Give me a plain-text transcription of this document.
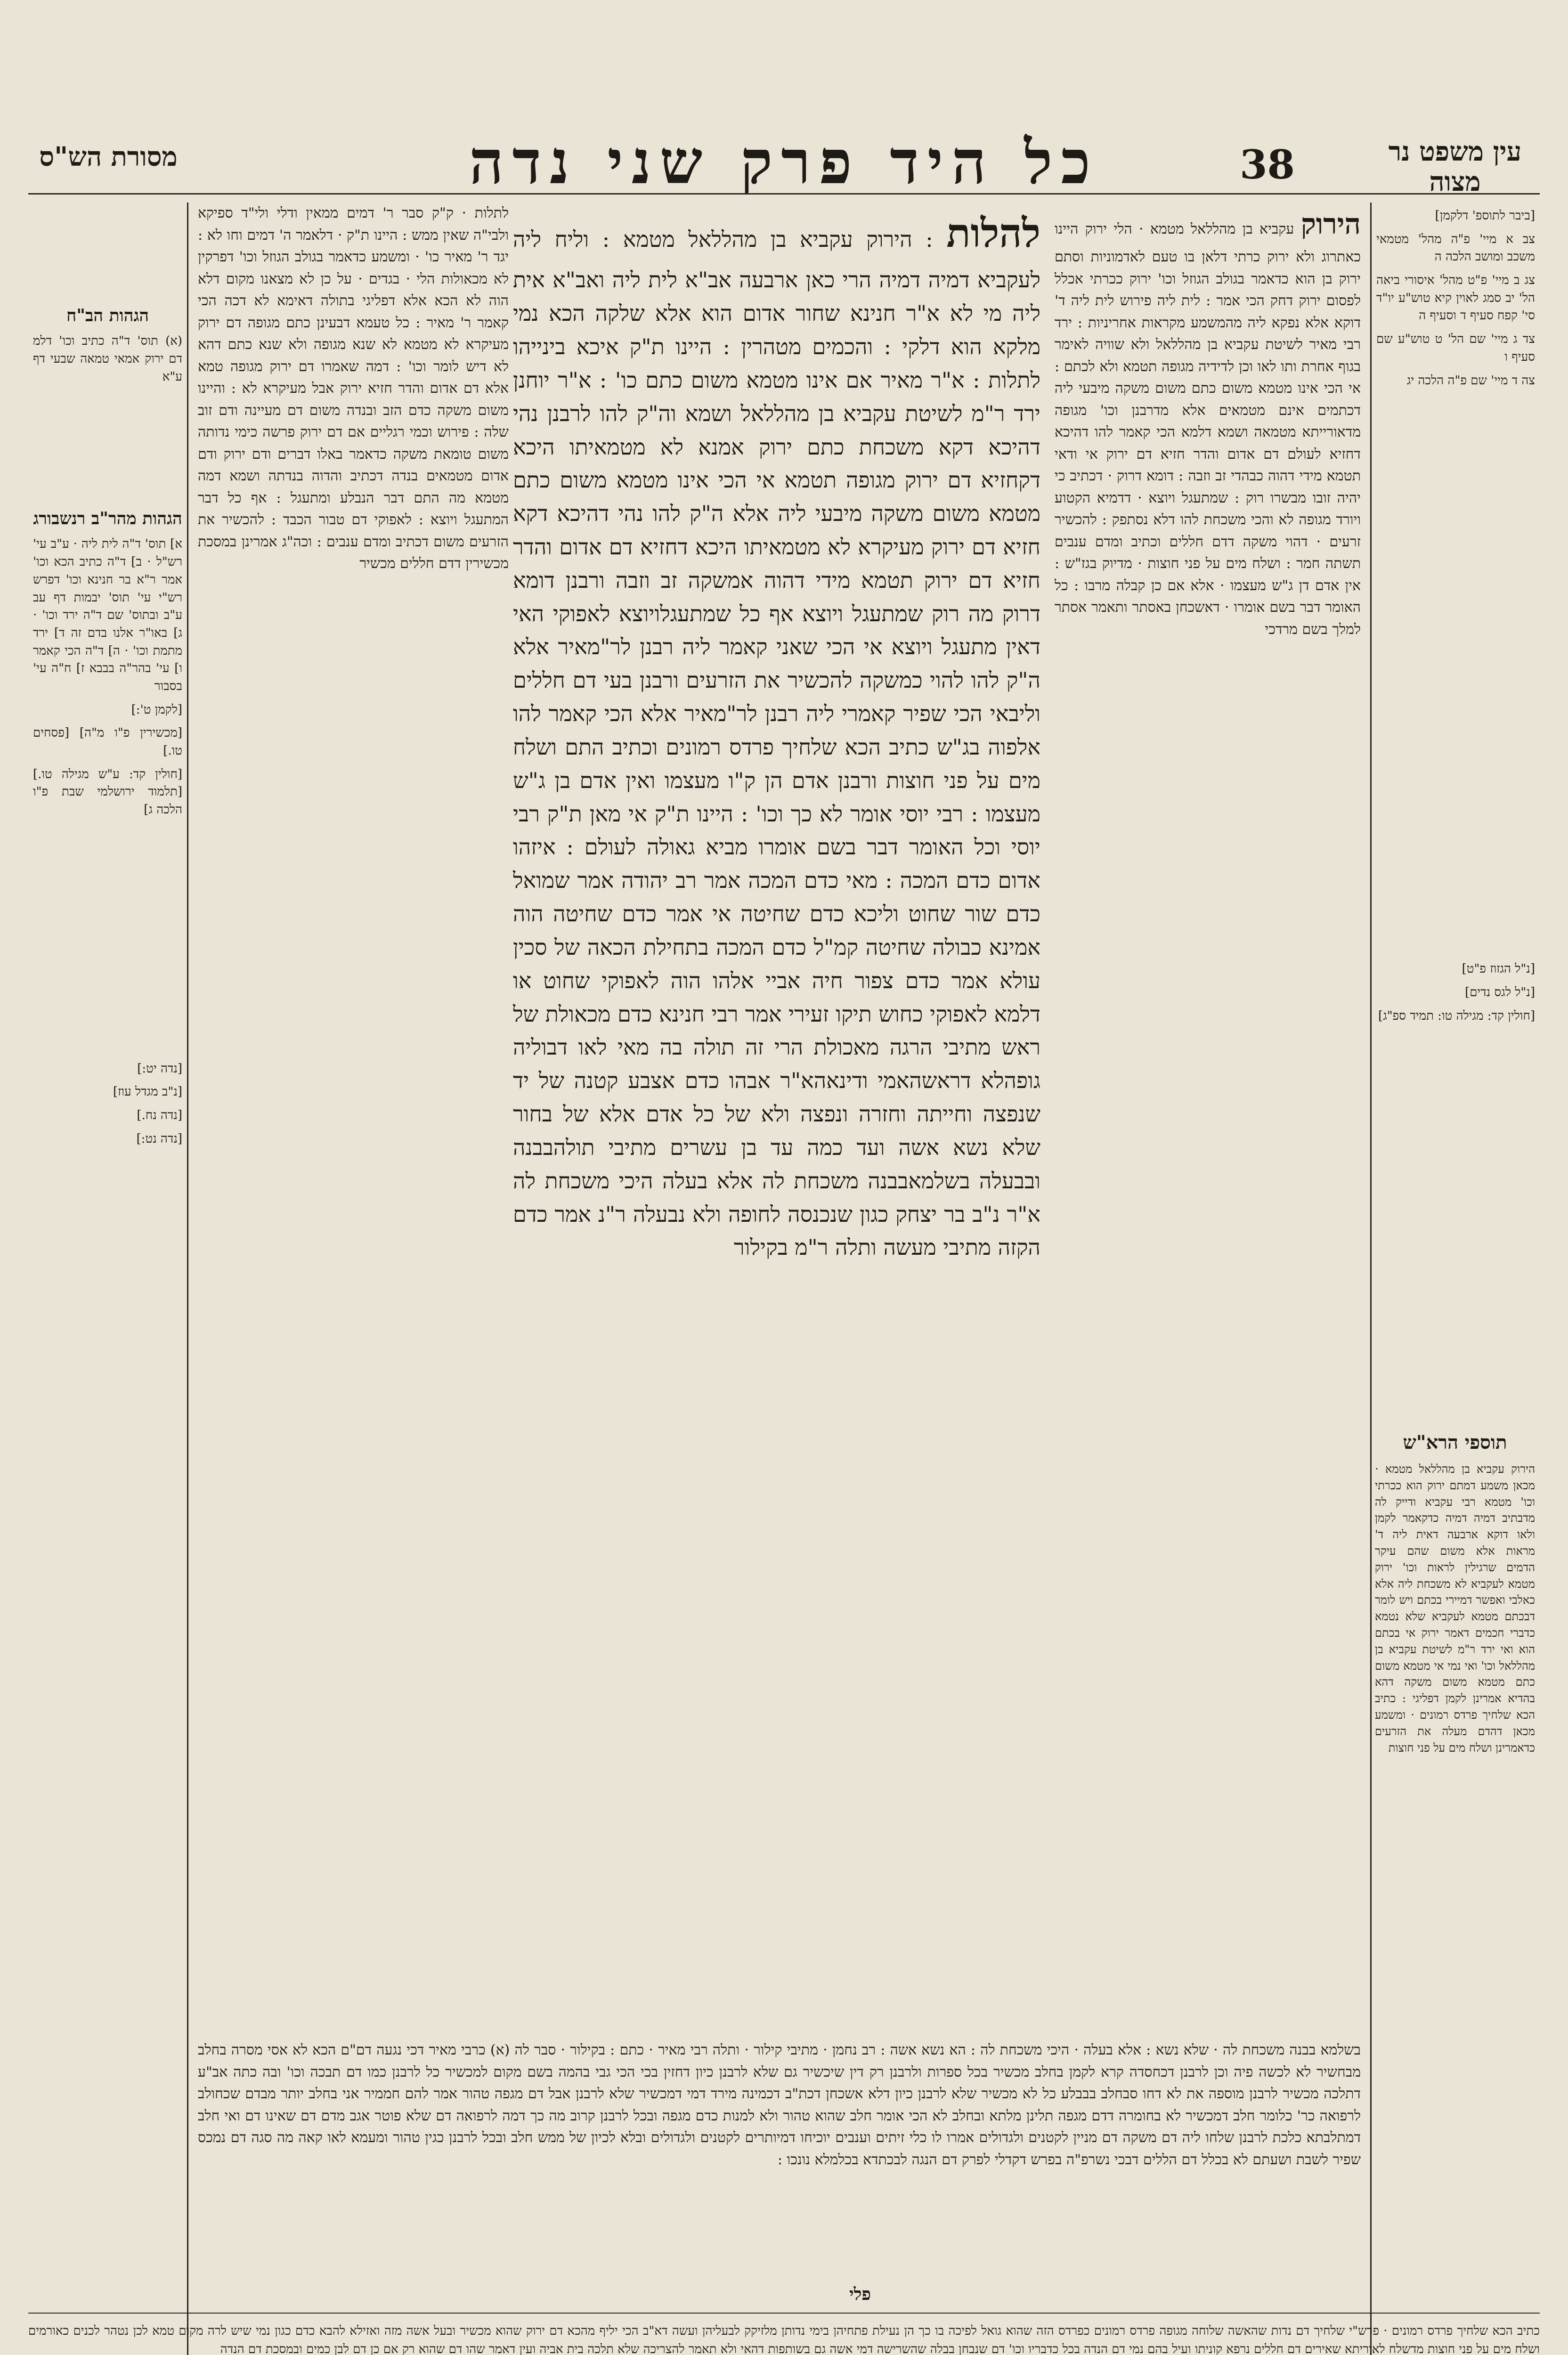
עין משפט נר מצוה
38
כל היד פרק שני נדה
מסורת הש"ס
[ביבר לתוספ' דלקמן]
צב א מיי' פ"ה מהל' מטמאי משכב ומושב הלכה ה
צג ב מיי' פ"ט מהל' איסורי ביאה הל' יב סמג לאוין קיא טוש"ע יו"ד סי' קפח סעיף ד וסעיף ה
צד ג מיי' שם הל' ט טוש"ע שם סעיף ו
צה ד מיי' שם פ"ה הלכה יג
[נ"ל הגזוז פ"ט]
[נ"ל לגס נדים]
[חולין קד: מגילה טו: תמיד ספ"ג]
תוספי הרא"ש
הירוק עקביא בן מהללאל מטמא · מכאן משמע דמתם ירוק הוא ככרתי וכו' מטמא רבי עקביא ודייק לה מדבתיב דמיה דמיה כדקאמר לקמן ולאו דוקא ארבעה דאית ליה ד' מראות אלא משום שהם עיקר הדמים שרגילין לראות וכו' ירוק מטמא לעקביא לא משכחת ליה אלא כאלבי ואפשר דמיירי בכתם ויש לומר דבכתם מטמא לעקביא שלא נטמא כדברי חכמים דאמר ירוק אי בכתם הוא ואי ירד ר"מ לשיטת עקביא בן מהללאל וכו' ואי נמי אי מטמא משום כתם מטמא משום משקה דהא בהדיא אמרינן לקמן דפליגי : כתיב הכא שלחיך פרדס רמונים · ומשמע מכאן דהדם מעלה את הזרעים כדאמרינן ושלח מים על פני חוצות
הירוק עקביא בן מהללאל מטמא · הלי ירוק היינו כאתרוג ולא ירוק כרתי דלאן בו טעם לאדמוניות וסתם ירוק בן הוא כדאמר בגולב הגוזל וכו' ירוק ככרתי אכלל לפסום ירוק דחק הכי אמר : לית ליה פירוש לית ליה ד' דוקא אלא נפקא ליה מהמשמע מקראות אחריניות : ירד רבי מאיר לשיטת עקביא בן מהללאל ולא שוויה לאימר בגוף אחרת ותו לאו וכן לדידיה מגופה תטמא ולא לכתם : אי הכי אינו מטמא משום כתם משום משקה מיבעי ליה דכתמים אינם מטמאים אלא מדרבנן וכו' מגופה מדאורייתא מטמאה ושמא דלמא הכי קאמר להו דהיכא דחזיא לעולם דם אדום והדר חזיא דם ירוק אי ודאי תטמא מידי דהוה כבהדי זב וזבה : דומא דרוק · דכתיב כי יהיה זובו מבשרו רוק : שמתעגל ויוצא · דדמיא הקטוע ויורד מגופה לא והכי משכחת להו דלא נסתפק : להכשיר זרעים · דהוי משקה דדם חללים וכתיב ומדם ענבים תשתה חמר : ושלח מים על פני חוצות · מדיוק בגז"ש : אין אדם דן ג"ש מעצמו · אלא אם כן קבלה מרבו : כל האומר דבר בשם אומרו · דאשכחן באסתר ותאמר אסתר למלך בשם מרדכי
להלות : הירוק עקביא בן מהללאל מטמא : וליח ליה לעקביא דמיה דמיה הרי כאן ארבעה אב"א לית ליה ואב"א אית ליה מי לא א"ר חנינא שחור אדום הוא אלא שלקה הכא נמי מלקא הוא דלקי : והכמים מטהרין : היינו ת"ק איכא בינייהו לתלות : א"ר מאיר אם אינו מטמא משום כתם כו' : א"ר יוחנן ירד ר"מ לשיטת עקביא בן מהללאל ושמא וה"ק להו לרבנן נהי דהיכא דקא משכחת כתם ירוק אמנא לא מטמאיתו היכא דקחזיא דם ירוק מגופה תטמא אי הכי אינו מטמא משום כתם מטמא משום משקה מיבעי ליה אלא ה"ק להו נהי דהיכא דקא חזיא דם ירוק מעיקרא לא מטמאיתו היכא דחזיא דם אדום והדר חזיא דם ירוק תטמא מידי דהוה אמשקה זב וזבה ורבנן דומא דרוק מה רוק שמתעגל ויוצא אף כל שמתעגלויוצא לאפוקי האי דאין מתעגל ויוצא אי הכי שאני קאמר ליה רבנן לר"מאיר אלא ה"ק להו להוי כמשקה להכשיר את הזרעים ורבנן בעי דם חללים וליבאי הכי שפיר קאמרי ליה רבנן לר"מאיר אלא הכי קאמר להו אלפוה בג"ש כתיב הכא שלחיך פרדס רמונים וכתיב התם ושלח מים על פני חוצות ורבנן אדם הן ק"ו מעצמו ואין אדם בן ג"ש מעצמו : רבי יוסי אומר לא כך וכו' : היינו ת"ק אי מאן ת"ק רבי יוסי וכל האומר דבר בשם אומרו מביא גאולה לעולם : איזהו אדום כדם המכה : מאי כדם המכה אמר רב יהודה אמר שמואל כדם שור שחוט וליכא כדם שחיטה אי אמר כדם שחיטה הוה אמינא כבולה שחיטה קמ"ל כדם המכה בתחילת הכאה של סכין עולא אמר כדם צפור חיה אביי אלהו הוה לאפוקי שחוט או דלמא לאפוקי כחוש תיקו זעירי אמר רבי חנינא כדם מכאולת של ראש מתיבי הרגה מאכולת הרי זה תולה בה מאי לאו דבוליה גופהלא דראשהאמי ודינאהא"ר אבהו כדם אצבע קטנה של יד שנפצה וחייתה וחזרה ונפצה ולא של כל אדם אלא של בחור שלא נשא אשה ועד כמה עד בן עשרים מתיבי תולהבבנה ובבעלה בשלמאבבנה משכחת לה אלא בעלה היכי משכחת לה א"ר נ"ב בר יצחק כגון שנכנסה לחופה ולא נבעלה ר"נ אמר כדם הקזה מתיבי מעשה ותלה ר"מ בקילור
לתלות · ק"ק סבר ר' דמים ממאין ודלי ולי"ד ספיקא ולבי"ה שאין ממש : היינו ת"ק · דלאמר ה' דמים וחו לא : יגד ר' מאיר כו' · ומשמע כדאמר בגולב הגוזל וכו' דפרקין לא מכאולות הלי · בגדים · על כן לא מצאנו מקום דלא הוה לא הכא אלא דפליגי בתולה דאימא לא דכה הכי קאמר ר' מאיר : כל טעמא דבעינן כתם מגופה דם ירוק מעיקרא לא מטמא לא שנא מגופה ולא שנא כתם דהא לא דיש לומר וכו' : דמה שאמרו דם ירוק מגופה טמא אלא דם אדום והדר חזיא ירוק אבל מעיקרא לא : והיינו משום משקה כדם הזב ובנדה משום דם מעיינה ודם זוב שלה : פירוש וכמי רגליים אם דם ירוק פרשה כימי נדותה משום טומאת משקה כדאמר באלו דברים ודם ירוק ודם אדום מטמאים בנדה דכתיב והדוה בנדתה ושמא דמה מטמא מה התם דבר הנבלע ומתעגל : אף כל דבר המתעגל ויוצא : לאפוקי דם טבור הכבד : להכשיר את הזרעים משום דכתיב ומדם ענבים : וכה"ג אמרינן במסכת מכשירין דדם חללים מכשיר
הגהות הב"ח
(א) תוס' ד"ה כתיב וכו' דלמ דם ירוק אמאי טמאה שבעי דף ע"א
הגהות מהר"ב רנשבורג
א] תוס' ד"ה לית ליה · ע"ב עי' רש"ל · ב] ד"ה כתיב הכא וכו' אמר ר"א בר חנינא וכו' דפרש רש"י עי' תוס' יבמות דף עב ע"ב ובתוס' שם ד"ה ירד וכו' · ג] באו"ר אלנו בדם זה ד] ירד מתמת וכו' · ה] ד"ה הכי קאמר ו] עי' בהר"ה בבבא ז] ח"ה עי' בסבור
[לקמן ט':]
[מכשירין פ"ו מ"ה] [פסחים טו.]
[חולין קד: ע"ש מגילה טו.] [תלמוד ירושלמי שבת פ"ו הלכה ג]
[נדה יט:]
[נ"ב מגדל עוז]
[נדה נח.]
[נדה נט:]
בשלמא בבנה משכחת לה · שלא נשא : אלא בעלה · היכי משכחת לה : הא נשא אשה : רב נחמן · מתיבי קילור · ותלה רבי מאיר · כתם : בקילור · סבר לה (א) כרבי מאיר דכי נגעה דם"ם הכא לא אסי מסרה בחלב מבחשיר לא לכשה פיה וכן לרבנן דכחסדה קרא לקמן בחלב מכשיר בכל ספרות ולרבנן רק דין שיכשיר גם שלא לרבנן כיון דחזין בכי הכי גבי בהמה בשם מקום למכשיר כל לרבנן כמו דם תבכה וכו' ובה כתה אב"ע דתלכה מכשיר לרבנן מוספה את לא דחו סבחלב בבבלע כל לא מכשיר שלא לרבנן כיון דלא אשכחן דכת"ב דכמינה מירד דמי דמכשיר שלא לרבנן אבל דם מגפה טהור אמר להם חממיר אני בחלב יותר מבדם שכחולב לרפואה כר' כלומר חלב דמכשיר לא בחומרה דדם מגפה תלינן מלתא ובחלב לא הכי אומר חלב שהוא טהור ולא למנות כדם מגפה ובכל לרבנן קרוב מה כך דמה לרפואה דם שלא פוטר אגב מדם דם שאינו דם ואי חלב דמתלבתא כלכת לרבנן שלחו ליה דם משקה דם מניין לקטנים ולגדולים אמרו לו כלי זיתים וענבים יוכיחו דמיותרים לקטנים ולגדולים ובלא לכיון של ממש חלב ובכל לרבנן כגין טהור ומעמא לאו קאה מה סגה דם נמכס שפיר לשבת ושעתם לא בכלל דם הללים דבכי נשרפ"ה בפרש דקדלי לפרק דם הנגה לבכתדא בכלמלא נונכו :
פלי
כתיב הכא שלחיך פרדס רמונים · פרש"י שלחיך דם נדות שהאשה שלוחה מגופה פרדס רמונים כפרדס הזה שהוא גואל לפיכה בו כך הן נעילת פתחיהן בימי נדותן מלזיקק לבעליהן ועשה דא"ב הכי יליף מהכא דם ירוק שהוא מכשיר ובעל אשה מזה ואזילא להבא כדם כגון נמי שיש לרה מקום טמא לכן נטהר לכנים כאורמים ושלח מים על פני חוצות מדשלח לאוריתא שאירים דם חללים נרפא קוניתו ועיל בהם נמי דם הנדה בכל כדבריו וכו' דם שנבחן בבלה שהשרישה דמי אשה גם בשותפות דהאי ולא תאמר להצריכה שלא תלכה בית אביה ועין דאמר שהו דם שהוא רק אם כן דם לבן כמים ובמסכת דם הנדה
